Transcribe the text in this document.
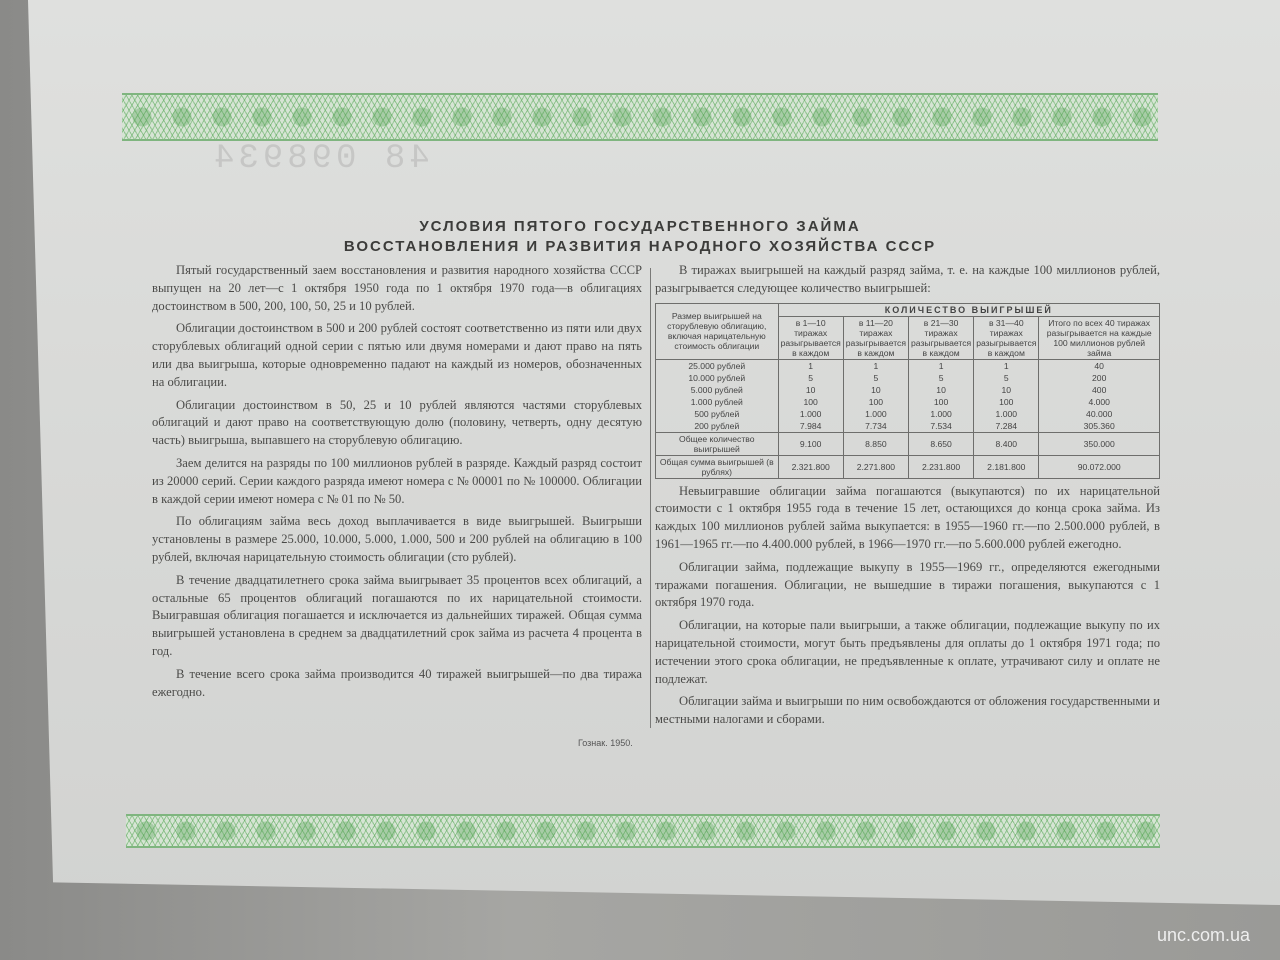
48 098934
УСЛОВИЯ ПЯТОГО ГОСУДАРСТВЕННОГО ЗАЙМА
ВОССТАНОВЛЕНИЯ И РАЗВИТИЯ НАРОДНОГО ХОЗЯЙСТВА СССР

Пятый государственный заем восстановления и развития народного хозяйства СССР выпущен на 20 лет—с 1 октября 1950 года по 1 октября 1970 года—в облигациях достоинством в 500, 200, 100, 50, 25 и 10 рублей.

Облигации достоинством в 500 и 200 рублей состоят соответственно из пяти или двух сторублевых облигаций одной серии с пятью или двумя номерами и дают право на пять или два выигрыша, которые одновременно падают на каждый из номеров, обозначенных на облигации.

Облигации достоинством в 50, 25 и 10 рублей являются частями сторублевых облигаций и дают право на соответствующую долю (половину, четверть, одну десятую часть) выигрыша, выпавшего на сторублевую облигацию.

Заем делится на разряды по 100 миллионов рублей в разряде. Каждый разряд состоит из 20000 серий. Серии каждого разряда имеют номера с № 00001 по № 100000. Облигации в каждой серии имеют номера с № 01 по № 50.

По облигациям займа весь доход выплачивается в виде выигрышей. Выигрыши установлены в размере 25.000, 10.000, 5.000, 1.000, 500 и 200 рублей на облигацию в 100 рублей, включая нарицательную стоимость облигации (сто рублей).

В течение двадцатилетнего срока займа выигрывает 35 процентов всех облигаций, а остальные 65 процентов облигаций погашаются по их нарицательной стоимости. Выигравшая облигация погашается и исключается из дальнейших тиражей. Общая сумма выигрышей установлена в среднем за двадцатилетний срок займа из расчета 4 процента в год.

В течение всего срока займа производится 40 тиражей выигрышей—по два тиража ежегодно.

В тиражах выигрышей на каждый разряд займа, т. е. на каждые 100 миллионов рублей, разыгрывается следующее количество выигрышей:

Размер выигрышей на сторублевую облигацию, включая нарицательную стоимость облигации	КОЛИЧЕСТВО ВЫИГРЫШЕЙ				
	в 1—10 тиражах разыгрывается в каждом	в 11—20 тиражах разыгрывается в каждом	в 21—30 тиражах разыгрывается в каждом	в 31—40 тиражах разыгрывается в каждом	Итого по всех 40 тиражах разыгрывается на каждые 100 миллионов рублей займа
25.000 рублей	1	1	1	1	40
10.000 рублей	5	5	5	5	200
5.000 рублей	10	10	10	10	400
1.000 рублей	100	100	100	100	4.000
500 рублей	1.000	1.000	1.000	1.000	40.000
200 рублей	7.984	7.734	7.534	7.284	305.360
Общее количество выигрышей	9.100	8.850	8.650	8.400	350.000
Общая сумма выигрышей (в рублях)	2.321.800	2.271.800	2.231.800	2.181.800	90.072.000

Невыигравшие облигации займа погашаются (выкупаются) по их нарицательной стоимости с 1 октября 1955 года в течение 15 лет, остающихся до конца срока займа. Из каждых 100 миллионов рублей займа выкупается: в 1955—1960 гг.—по 2.500.000 рублей, в 1961—1965 гг.—по 4.400.000 рублей, в 1966—1970 гг.—по 5.600.000 рублей ежегодно.

Облигации займа, подлежащие выкупу в 1955—1969 гг., определяются ежегодными тиражами погашения. Облигации, не вышедшие в тиражи погашения, выкупаются с 1 октября 1970 года.

Облигации, на которые пали выигрыши, а также облигации, подлежащие выкупу по их нарицательной стоимости, могут быть предъявлены для оплаты до 1 октября 1971 года; по истечении этого срока облигации, не предъявленные к оплате, утрачивают силу и оплате не подлежат.

Облигации займа и выигрыши по ним освобождаются от обложения государственными и местными налогами и сборами.

Гознак. 1950.
unc.com.ua
